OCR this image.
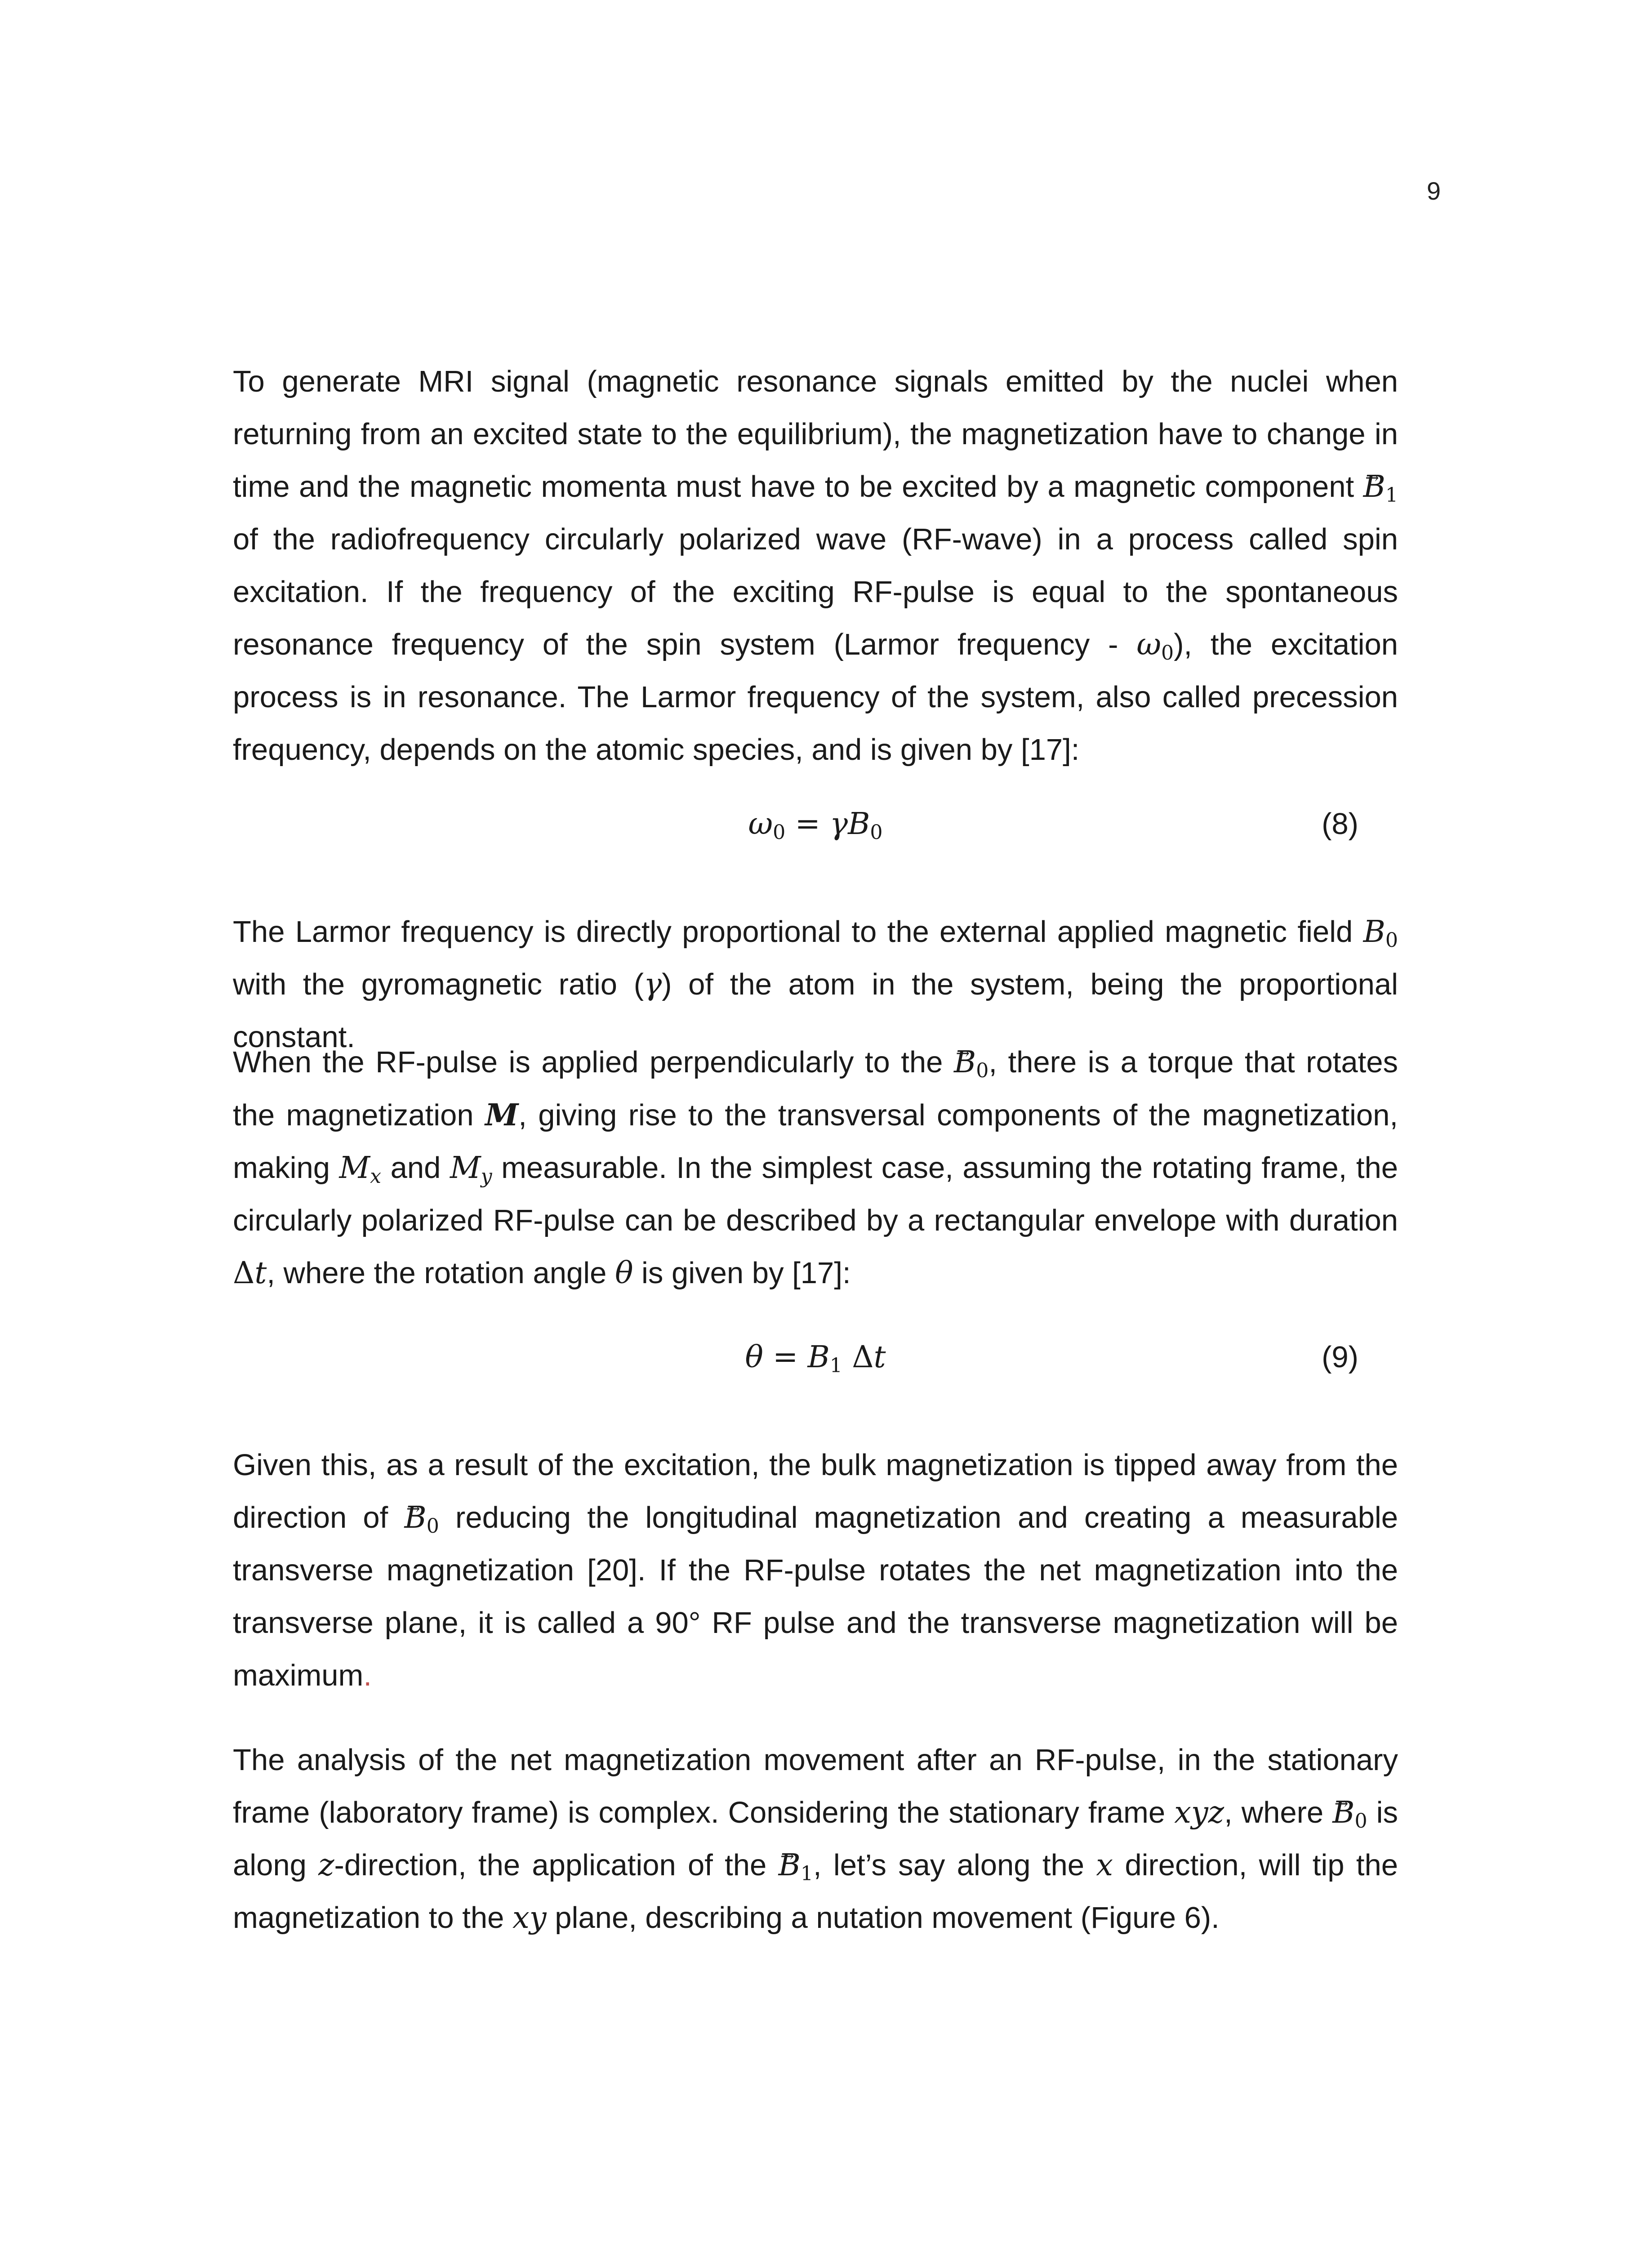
9

To generate MRI signal (magnetic resonance signals emitted by the nuclei when returning from an excited state to the equilibrium), the magnetization have to change in time and the magnetic momenta must have to be excited by a magnetic component → $B_1$ of the radiofrequency circularly polarized wave (RF-wave) in a process called spin excitation. If the frequency of the exciting RF-pulse is equal to the spontaneous resonance frequency of the spin system (Larmor frequency - $\omega_0$), the excitation process is in resonance. The Larmor frequency of the system, also called precession frequency, depends on the atomic species, and is given by [17]:

$\omega_0 = \gamma B_0$	(8)

The Larmor frequency is directly proportional to the external applied magnetic field $B_0$ with the gyromagnetic ratio (γ) of the atom in the system, being the proportional constant.

When the RF-pulse is applied perpendicularly to the → $B_0$, there is a torque that rotates the magnetization M, giving rise to the transversal components of the magnetization, making $M_x$ and $M_y$ measurable. In the simplest case, assuming the rotating frame, the circularly polarized RF-pulse can be described by a rectangular envelope with duration Δt, where the rotation angle θ is given by [17]:

$\theta = B_1$ Δt	(9)

Given this, as a result of the excitation, the bulk magnetization is tipped away from the direction of → $B_0$ reducing the longitudinal magnetization and creating a measurable transverse magnetization [20]. If the RF-pulse rotates the net magnetization into the transverse plane, it is called a 90° RF pulse and the transverse magnetization will be maximum.

The analysis of the net magnetization movement after an RF-pulse, in the stationary frame (laboratory frame) is complex. Considering the stationary frame xyz, where → $B_0$ is along z-direction, the application of the → $B_1$, let’s say along the x direction, will tip the magnetization to the xy plane, describing a nutation movement (Figure 6).
